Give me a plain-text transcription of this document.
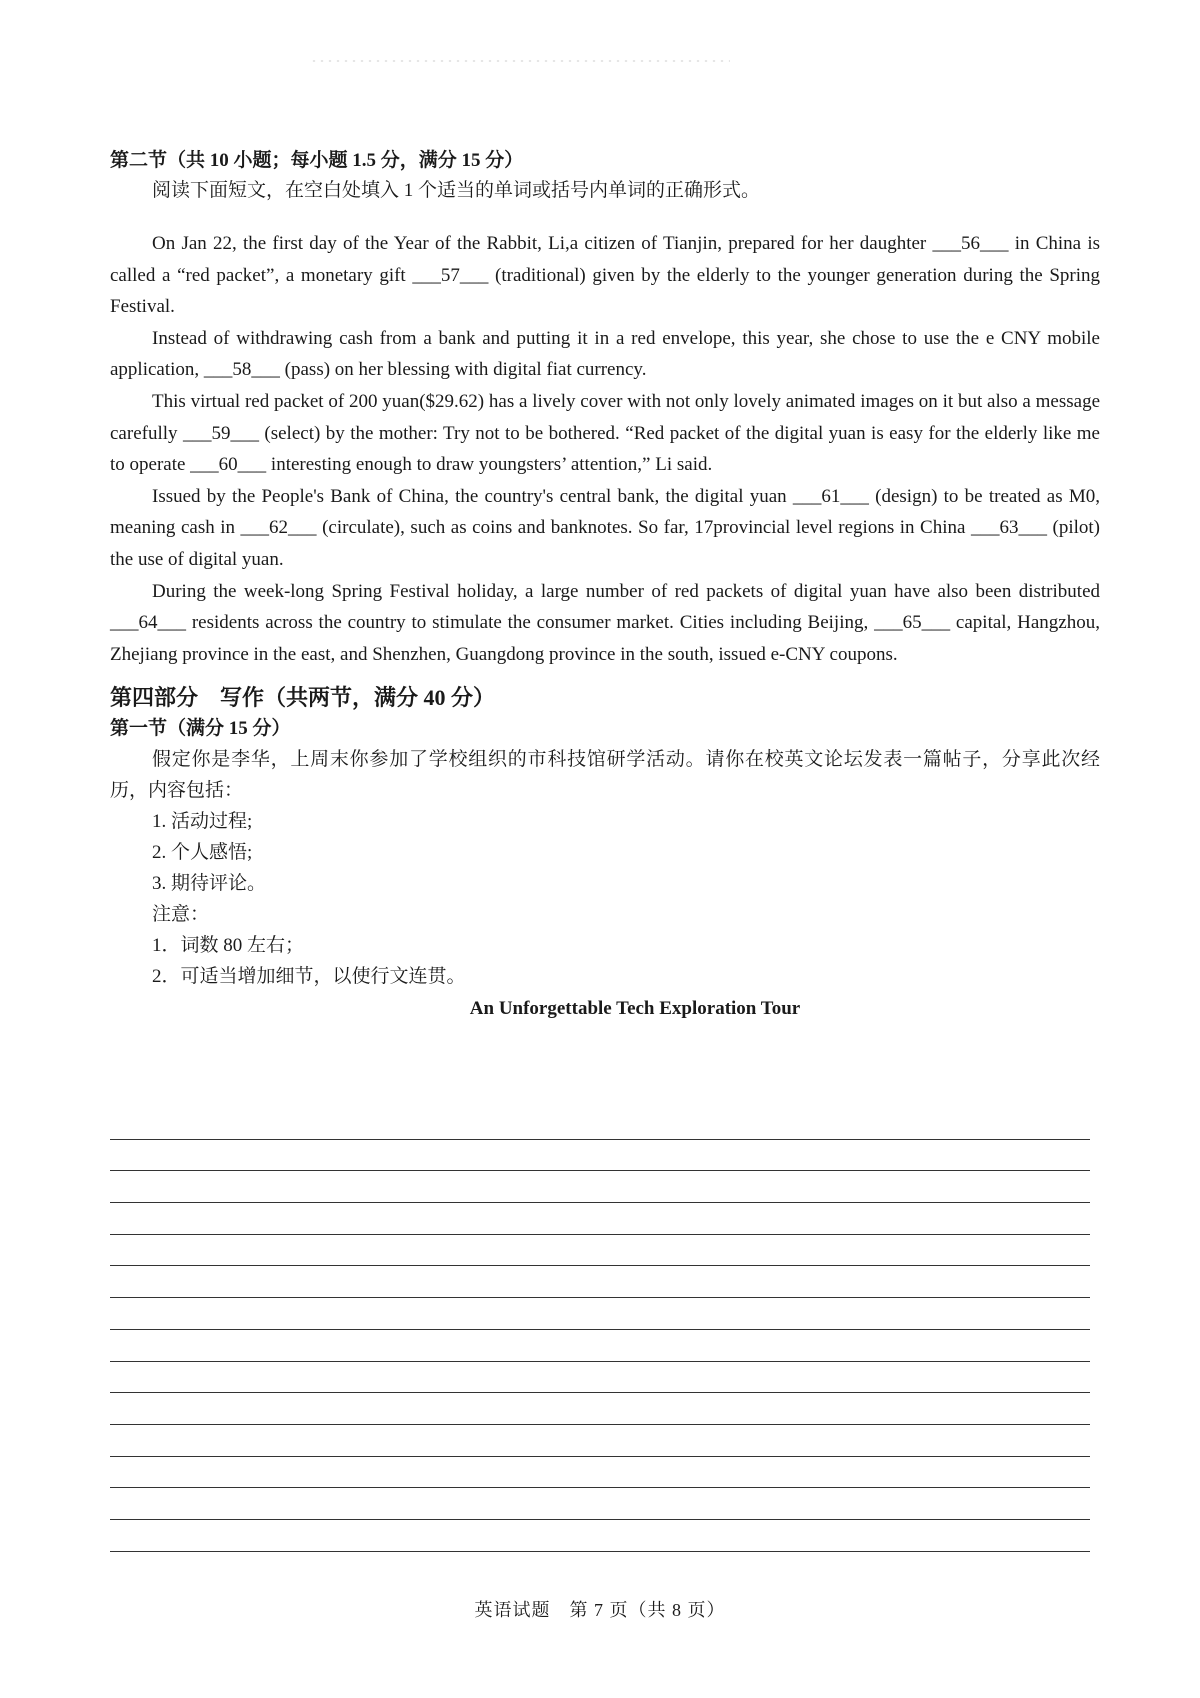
第二节（共 10 小题；每小题 1.5 分，满分 15 分）

阅读下面短文，在空白处填入 1 个适当的单词或括号内单词的正确形式。

On Jan 22, the first day of the Year of the Rabbit, Li,a citizen of Tianjin, prepared for her daughter ___56___ in China is called a “red packet”, a monetary gift ___57___ (traditional) given by the elderly to the younger generation during the Spring Festival.

Instead of withdrawing cash from a bank and putting it in a red envelope, this year, she chose to use the e CNY mobile application, ___58___ (pass) on her blessing with digital fiat currency.

This virtual red packet of 200 yuan($29.62) has a lively cover with not only lovely animated images on it but also a message carefully ___59___ (select) by the mother: Try not to be bothered. “Red packet of the digital yuan is easy for the elderly like me to operate ___60___ interesting enough to draw youngsters’ attention,” Li said.

Issued by the People's Bank of China, the country's central bank, the digital yuan ___61___ (design) to be treated as M0, meaning cash in ___62___ (circulate), such as coins and banknotes. So far, 17provincial level regions in China ___63___ (pilot) the use of digital yuan.

During the week-long Spring Festival holiday, a large number of red packets of digital yuan have also been distributed ___64___ residents across the country to stimulate the consumer market. Cities including Beijing, ___65___ capital, Hangzhou, Zhejiang province in the east, and Shenzhen, Guangdong province in the south, issued e-CNY coupons.

第四部分　写作（共两节，满分 40 分）
第一节（满分 15 分）

假定你是李华，上周末你参加了学校组织的市科技馆研学活动。请你在校英文论坛发表一篇帖子，分享此次经历，内容包括：

1. 活动过程;

2. 个人感悟;

3. 期待评论。

注意：

1．词数 80 左右；

2．可适当增加细节，以使行文连贯。

An Unforgettable Tech Exploration Tour
英语试题　第 7 页（共 8 页）
